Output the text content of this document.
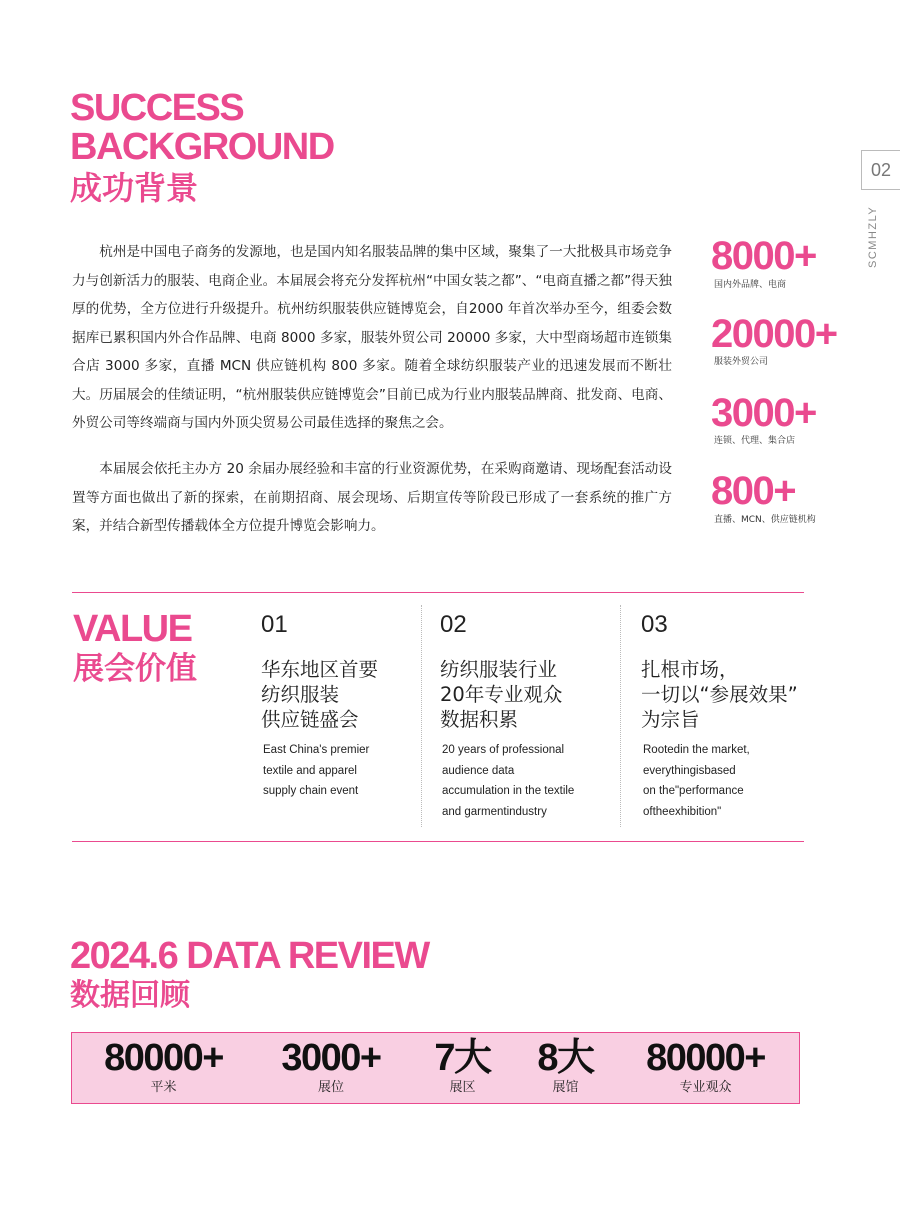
02
SCMHZLY
SUCCESS
BACKGROUND
成功背景

杭州是中国电子商务的发源地，也是国内知名服装品牌的集中区域，聚集了一大批极具市场竞争力与创新活力的服装、电商企业。本届展会将充分发挥杭州“中国女装之都”、“电商直播之都”得天独厚的优势，全方位进行升级提升。杭州纺织服装供应链博览会，自2000 年首次举办至今，组委会数据库已累积国内外合作品牌、电商 8000 多家，服装外贸公司 20000 多家，大中型商场超市连锁集合店 3000 多家，直播 MCN 供应链机构 800 多家。随着全球纺织服装产业的迅速发展而不断壮大。历届展会的佳绩证明，“杭州服装供应链博览会”目前已成为行业内服装品牌商、批发商、电商、外贸公司等终端商与国内外顶尖贸易公司最佳选择的聚焦之会。

本届展会依托主办方 20 余届办展经验和丰富的行业资源优势，在采购商邀请、现场配套活动设置等方面也做出了新的探索，在前期招商、展会现场、后期宣传等阶段已形成了一套系统的推广方案，并结合新型传播载体全方位提升博览会影响力。

8000+
国内外品牌、电商
20000+
服装外贸公司
3000+
连锁、代理、集合店
800+
直播、MCN、供应链机构
VALUE
展会价值
01
华东地区首要
纺织服装
供应链盛会
East China's premier
textile and apparel
supply chain event
02
纺织服装行业
20年专业观众
数据积累
20 years of professional
audience data
accumulation in the textile
and garmentindustry
03
扎根市场，
一切以“参展效果”
为宗旨
Rootedin the market,
everythingisbased
on the"performance
oftheexhibition"
2024.6 DATA REVIEW
数据回顾
80000+
平米
3000+
展位
7大
展区
8大
展馆
80000+
专业观众
